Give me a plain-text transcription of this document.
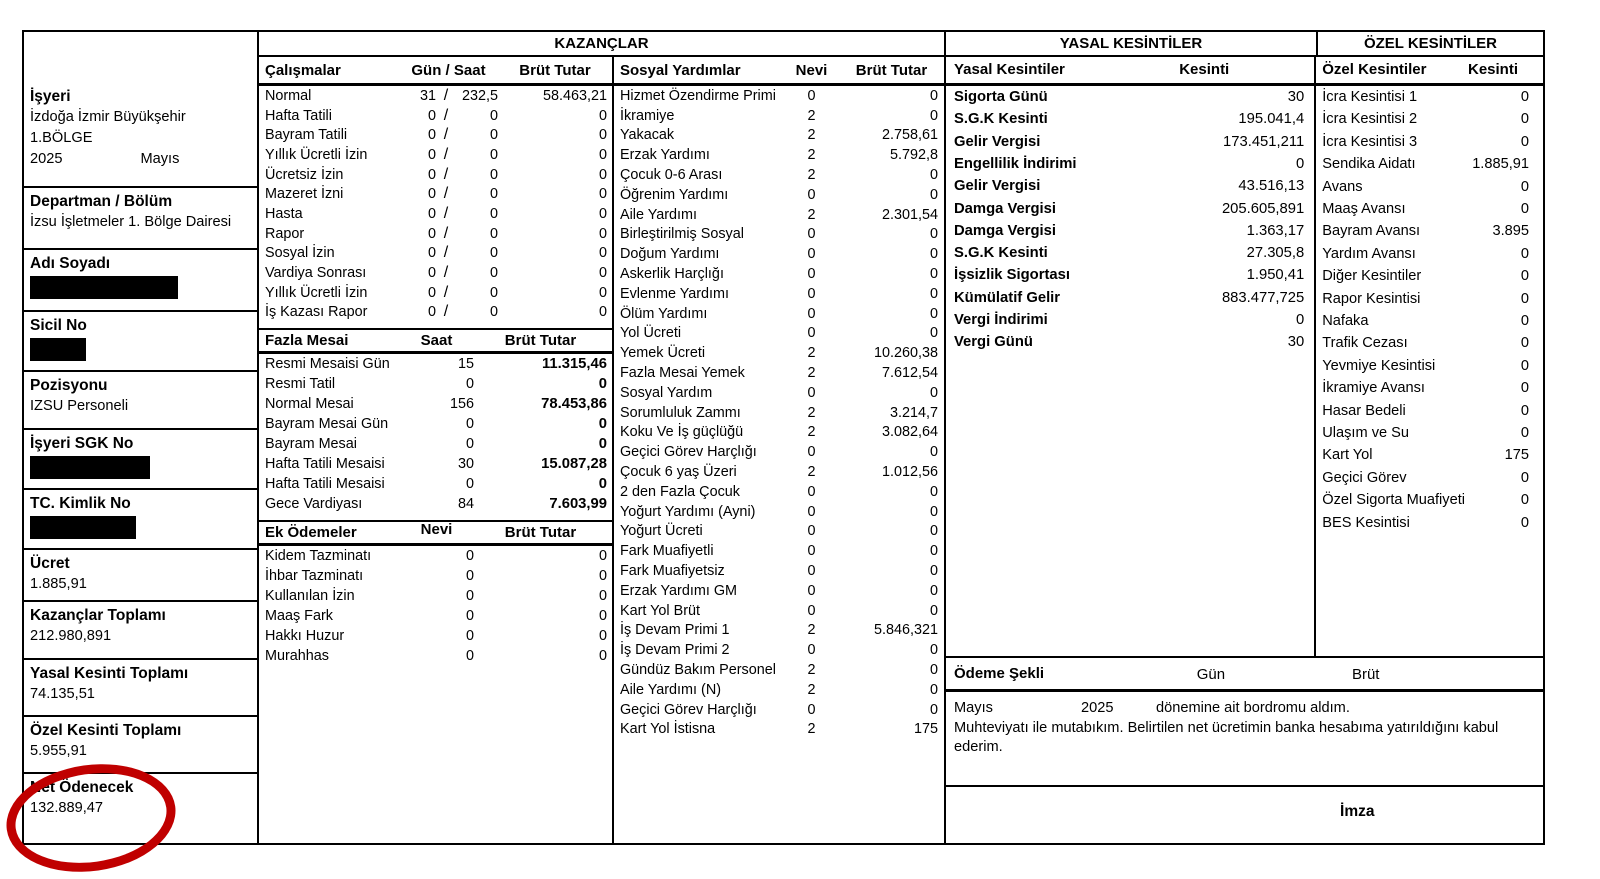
İşyeri
İzdoğa İzmir Büyükşehir
1.BÖLGE
2025	Mayıs
Departman / Bölüm
İzsu İşletmeler 1. Bölge Dairesi
Adı Soyadı
Sicil No
Pozisyonu
IZSU Personeli
İşyeri SGK No
TC. Kimlik No
Ücret
1.885,91
Kazançlar Toplamı
212.980,891
Yasal Kesinti Toplamı
74.135,51
Özel Kesinti Toplamı
5.955,91
Net Ödenecek
132.889,47
KAZANÇLAR
Çalışmalar	Gün / Saat	Brüt Tutar
Normal	31 / 232,5	58.463,21
Hafta Tatili	0 /	0	0
Bayram Tatili	0 /	0	0
Yıllık Ücretli İzin	0 /	0	0
Ücretsiz İzin	0 /	0	0
Mazeret İzni	0 /	0	0
Hasta	0 /	0	0
Rapor	0 /	0	0
Sosyal İzin	0 /	0	0
Vardiya Sonrası	0 /	0	0
Yıllık Ücretli İzin	0 /	0	0
İş Kazası Rapor	0 /	0	0
Fazla Mesai	Saat	Brüt Tutar
Resmi Mesaisi Gün	15	11.315,46
Resmi Tatil	0	0
Normal Mesai	156	78.453,86
Bayram Mesai Gün	0	0
Bayram Mesai	0	0
Hafta Tatili Mesaisi	30	15.087,28
Hafta Tatili Mesaisi	0	0
Gece Vardiyası	84	7.603,99
Ek Ödemeler	Nevi	Brüt Tutar
Kidem Tazminatı	0	0
İhbar Tazminatı	0	0
Kullanılan İzin	0	0
Maaş Fark	0	0
Hakkı Huzur	0	0
Murahhas	0	0
Sosyal Yardımlar	Nevi	Brüt Tutar
Hizmet Özendirme Primi	0	0
İkramiye	2	0
Yakacak	2	2.758,61
Erzak Yardımı	2	5.792,8
Çocuk 0-6 Arası	2	0
Öğrenim Yardımı	0	0
Aile Yardımı	2	2.301,54
Birleştirilmiş Sosyal	0	0
Doğum Yardımı	0	0
Askerlik Harçlığı	0	0
Evlenme Yardımı	0	0
Ölüm Yardımı	0	0
Yol Ücreti	0	0
Yemek Ücreti	2	10.260,38
Fazla Mesai Yemek	2	7.612,54
Sosyal Yardım	0	0
Sorumluluk Zammı	2	3.214,7
Koku Ve İş güçlüğü	2	3.082,64
Geçici Görev Harçlığı	0	0
Çocuk 6 yaş Üzeri	2	1.012,56
2 den Fazla Çocuk	0	0
Yoğurt Yardımı (Ayni)	0	0
Yoğurt Ücreti	0	0
Fark Muafiyetli	0	0
Fark Muafiyetsiz	0	0
Erzak Yardımı GM	0	0
Kart Yol Brüt	0	0
İş Devam Primi 1	2	5.846,321
İş Devam Primi 2	0	0
Gündüz Bakım Personel	2	0
Aile Yardımı (N)	2	0
Geçici Görev Harçlığı	0	0
Kart Yol İstisna	2	175
YASAL KESİNTİLER	ÖZEL KESİNTİLER
Yasal Kesintiler	Kesinti
Sigorta Günü	30
S.G.K Kesinti	195.041,4
Gelir Vergisi	173.451,211
Engellilik İndirimi	0
Gelir Vergisi	43.516,13
Damga Vergisi	205.605,891
Damga Vergisi	1.363,17
S.G.K Kesinti	27.305,8
İşsizlik Sigortası	1.950,41
Kümülatif Gelir	883.477,725
Vergi İndirimi	0
Vergi Günü	30
Özel Kesintiler	Kesinti
İcra Kesintisi 1	0
İcra Kesintisi 2	0
İcra Kesintisi 3	0
Sendika Aidatı	1.885,91
Avans	0
Maaş Avansı	0
Bayram Avansı	3.895
Yardım Avansı	0
Diğer Kesintiler	0
Rapor Kesintisi	0
Nafaka	0
Trafik Cezası	0
Yevmiye Kesintisi	0
İkramiye Avansı	0
Hasar Bedeli	0
Ulaşım ve Su	0
Kart Yol	175
Geçici Görev	0
Özel Sigorta Muafiyeti	0
BES Kesintisi	0
Ödeme Şekli	Gün	Brüt
Mayıs	2025	dönemine ait bordromu aldım.
Muhteviyatı ile mutabıkım. Belirtilen net ücretimin banka hesabıma yatırıldığını kabul ederim.
İmza
